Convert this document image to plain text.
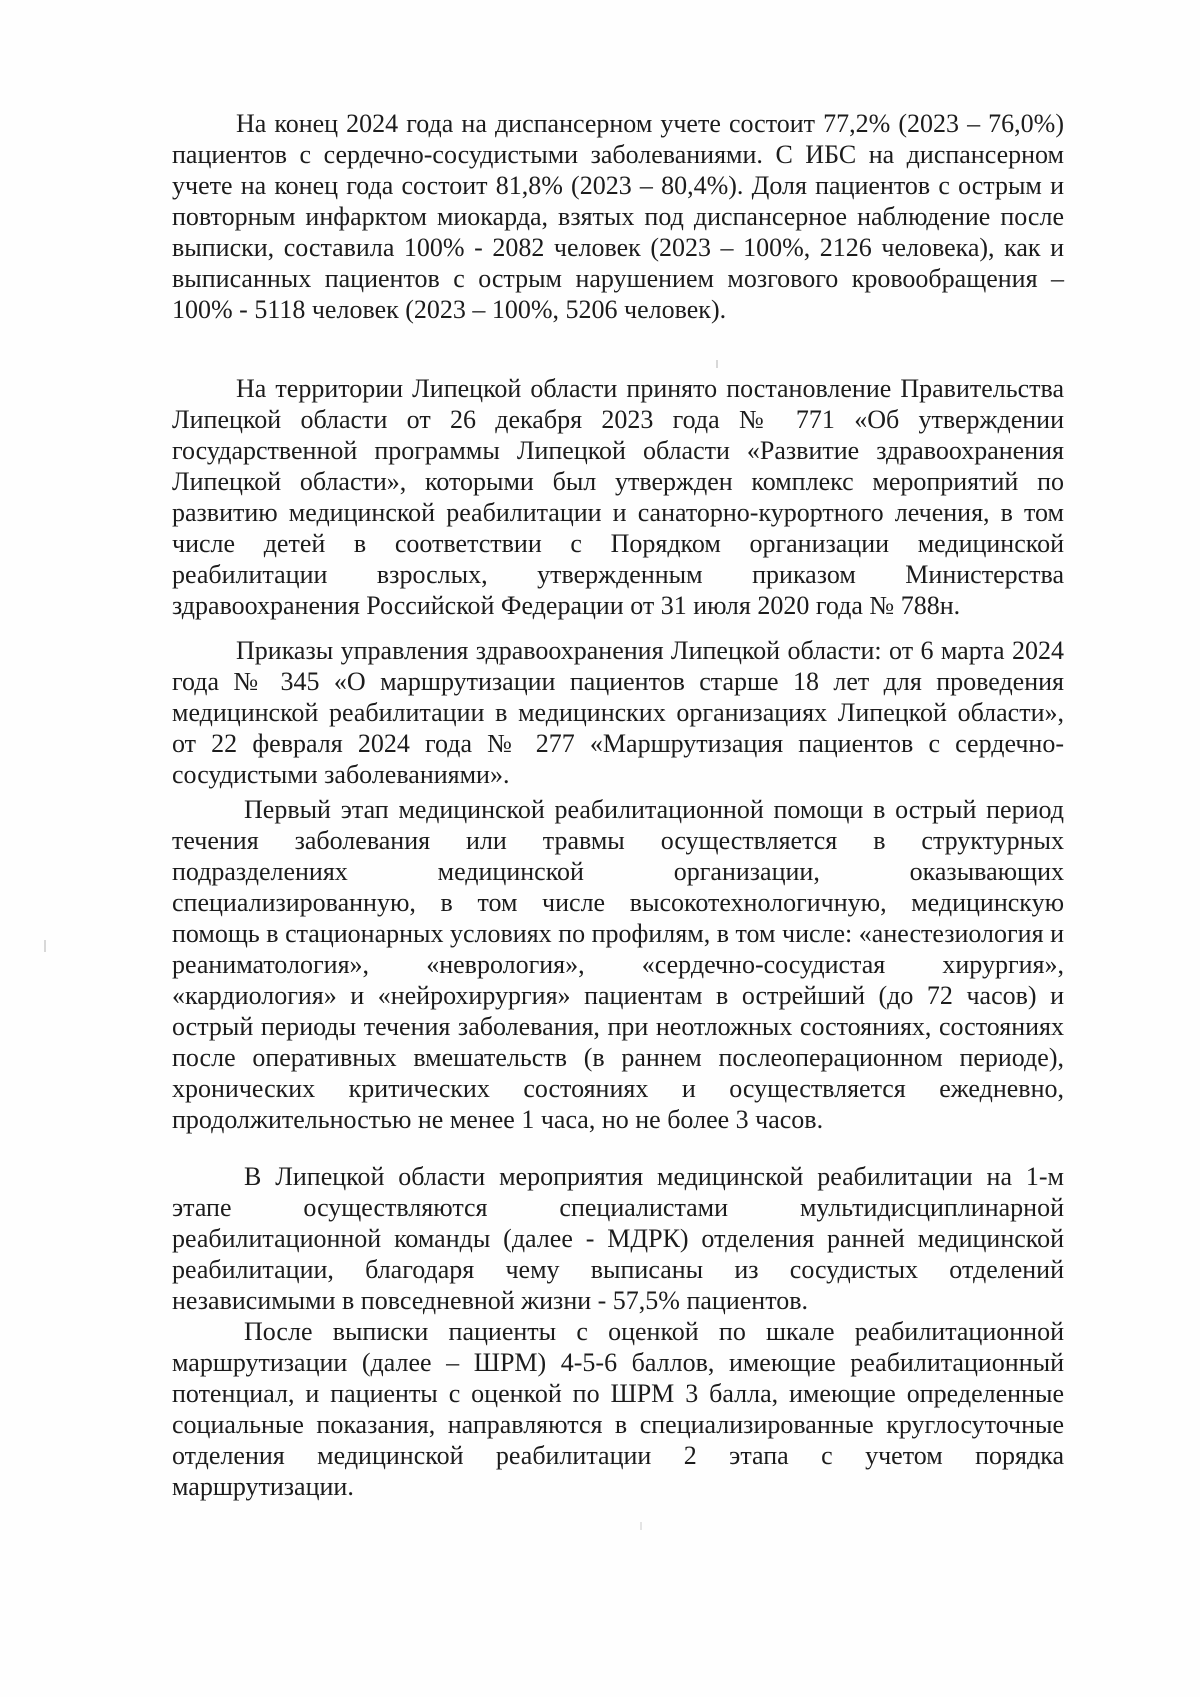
На конец 2024 года на диспансерном учете состоит 77,2% (2023 – 76,0%) пациентов с сердечно-сосудистыми заболеваниями. С ИБС на диспансерном учете на конец года состоит 81,8% (2023 – 80,4%). Доля пациентов с острым и повторным инфарктом миокарда, взятых под диспансерное наблюдение после выписки, составила 100% - 2082 человек (2023 – 100%, 2126 человека), как и выписанных пациентов с острым нарушением мозгового кровообращения – 100% - 5118 человек (2023 – 100%, 5206 человек).

На территории Липецкой области принято постановление Правительства Липецкой области от 26 декабря 2023 года № 771 «Об утверждении государственной программы Липецкой области «Развитие здравоохранения Липецкой области», которыми был утвержден комплекс мероприятий по развитию медицинской реабилитации и санаторно-курортного лечения, в том числе детей в соответствии с Порядком организации медицинской реабилитации взрослых, утвержденным приказом Министерства здравоохранения Российской Федерации от 31 июля 2020 года № 788н.

Приказы управления здравоохранения Липецкой области: от 6 марта 2024 года № 345 «О маршрутизации пациентов старше 18 лет для проведения медицинской реабилитации в медицинских организациях Липецкой области», от 22 февраля 2024 года № 277 «Маршрутизация пациентов с сердечно-сосудистыми заболеваниями».

Первый этап медицинской реабилитационной помощи в острый период течения заболевания или травмы осуществляется в структурных подразделениях медицинской организации, оказывающих специализированную, в том числе высокотехнологичную, медицинскую помощь в стационарных условиях по профилям, в том числе: «анестезиология и реаниматология», «неврология», «сердечно-сосудистая хирургия», «кардиология» и «нейрохирургия» пациентам в острейший (до 72 часов) и острый периоды течения заболевания, при неотложных состояниях, состояниях после оперативных вмешательств (в раннем послеоперационном периоде), хронических критических состояниях и осуществляется ежедневно, продолжительностью не менее 1 часа, но не более 3 часов.

В Липецкой области мероприятия медицинской реабилитации на 1-м этапе осуществляются специалистами мультидисциплинарной реабилитационной команды (далее - МДРК) отделения ранней медицинской реабилитации, благодаря чему выписаны из сосудистых отделений независимыми в повседневной жизни - 57,5% пациентов.

После выписки пациенты с оценкой по шкале реабилитационной маршрутизации (далее – ШРМ) 4-5-6 баллов, имеющие реабилитационный потенциал, и пациенты с оценкой по ШРМ 3 балла, имеющие определенные социальные показания, направляются в специализированные круглосуточные отделения медицинской реабилитации 2 этапа с учетом порядка маршрутизации.
